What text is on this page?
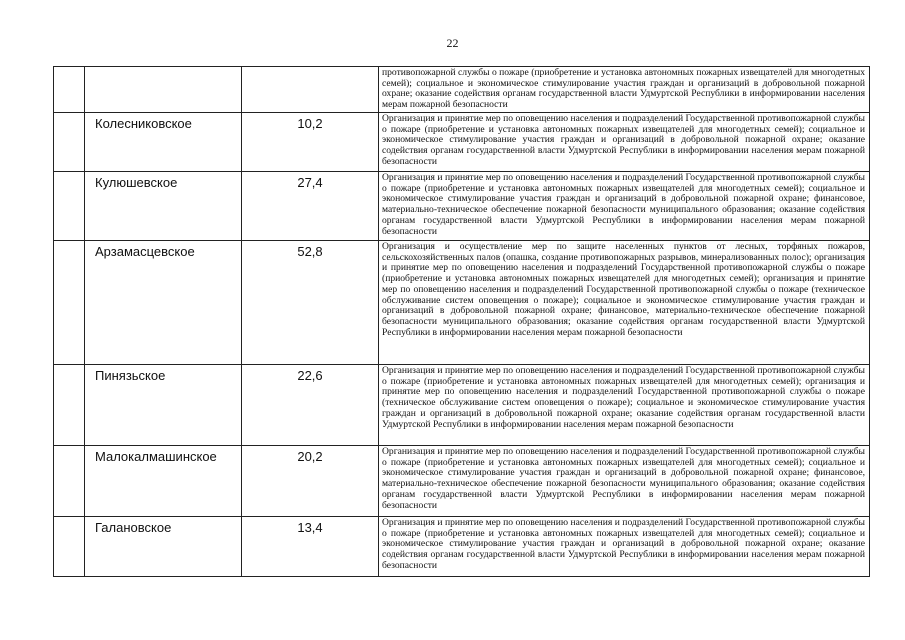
22

			противопожарной службы о пожаре (приобретение и установка автономных пожарных извещателей для многодетных семей); социальное и экономическое стимулирование участия граждан и организаций в добровольной пожарной охране; оказание содействия органам государственной власти Удмуртской Республики в информировании населения мерам пожарной безопасности

	Колесниковское	10,2	Организация и принятие мер по оповещению населения и подразделений Государственной противопожарной службы о пожаре (приобретение и установка автономных пожарных извещателей для многодетных семей); социальное и экономическое стимулирование участия граждан и организаций в добровольной пожарной охране; оказание содействия органам государственной власти Удмуртской Республики в информировании населения мерам пожарной безопасности

	Кулюшевское	27,4	Организация и принятие мер по оповещению населения и подразделений Государственной противопожарной службы о пожаре (приобретение и установка автономных пожарных извещателей для многодетных семей); социальное и экономическое стимулирование участия граждан и организаций в добровольной пожарной охране; финансовое, материально-техническое обеспечение пожарной безопасности муниципального образования; оказание содействия органам государственной власти Удмуртской Республики в информировании населения мерам пожарной безопасности

	Арзамасцевское	52,8	Организация и осуществление мер по защите населенных пунктов от лесных, торфяных пожаров, сельскохозяйственных палов (опашка, создание противопожарных разрывов, минерализованных полос); организация и принятие мер по оповещению населения и подразделений Государственной противопожарной службы о пожаре (приобретение и установка автономных пожарных извещателей для многодетных семей); организация и принятие мер по оповещению населения и подразделений Государственной противопожарной службы о пожаре (техническое обслуживание систем оповещения о пожаре); социальное и экономическое стимулирование участия граждан и организаций в добровольной пожарной охране; финансовое, материально-техническое обеспечение пожарной безопасности муниципального образования; оказание содействия органам государственной власти Удмуртской Республики в информировании населения мерам пожарной безопасности

	Пинязьское	22,6	Организация и принятие мер по оповещению населения и подразделений Государственной противопожарной службы о пожаре (приобретение и установка автономных пожарных извещателей для многодетных семей); организация и принятие мер по оповещению населения и подразделений Государственной противопожарной службы о пожаре (техническое обслуживание систем оповещения о пожаре); социальное и экономическое стимулирование участия граждан и организаций в добровольной пожарной охране; оказание содействия органам государственной власти Удмуртской Республики в информировании населения мерам пожарной безопасности

	Малокалмашинское	20,2	Организация и принятие мер по оповещению населения и подразделений Государственной противопожарной службы о пожаре (приобретение и установка автономных пожарных извещателей для многодетных семей); социальное и экономическое стимулирование участия граждан и организаций в добровольной пожарной охране; финансовое, материально-техническое обеспечение пожарной безопасности муниципального образования; оказание содействия органам государственной власти Удмуртской Республики в информировании населения мерам пожарной безопасности

	Галановское	13,4	Организация и принятие мер по оповещению населения и подразделений Государственной противопожарной службы о пожаре (приобретение и установка автономных пожарных извещателей для многодетных семей); социальное и экономическое стимулирование участия граждан и организаций в добровольной пожарной охране; оказание содействия органам государственной власти Удмуртской Республики в информировании населения мерам пожарной безопасности
